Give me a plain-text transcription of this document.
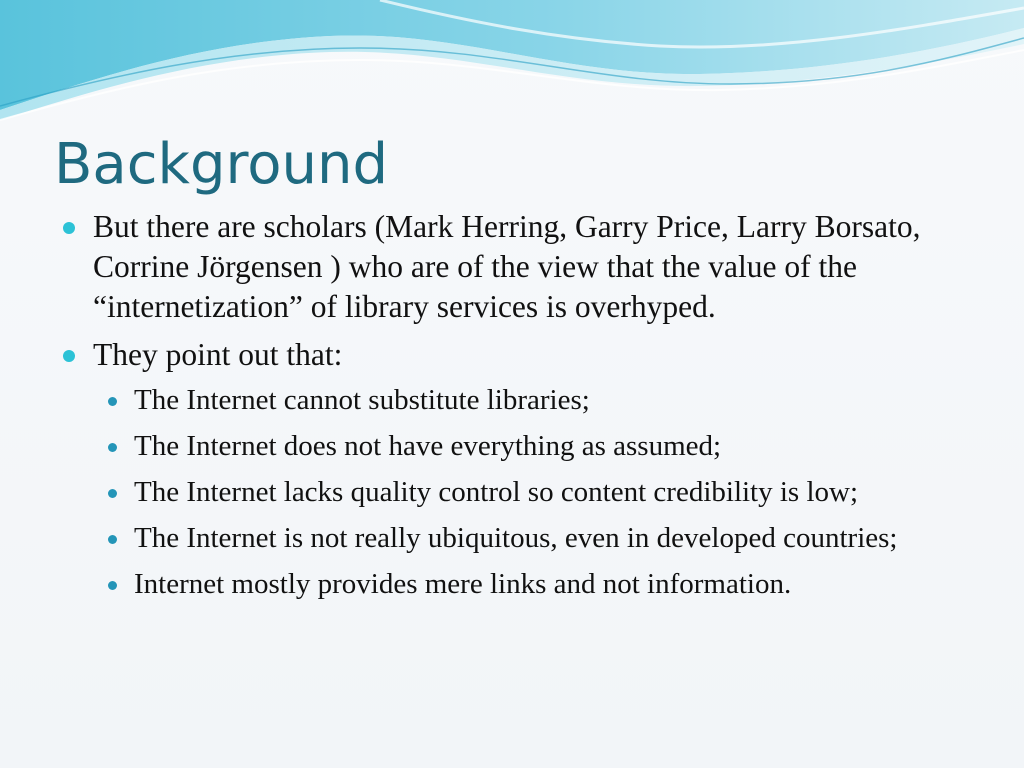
Background
But there are scholars (Mark Herring, Garry Price, Larry Borsato, Corrine Jörgensen ) who are of the view that the value of the “internetization” of library services is overhyped.
They point out that:
The Internet cannot substitute libraries;
The Internet does not have everything as assumed;
The Internet lacks quality control so content credibility is low;
The Internet is not really ubiquitous, even in developed countries;
Internet mostly provides mere links and not information.
